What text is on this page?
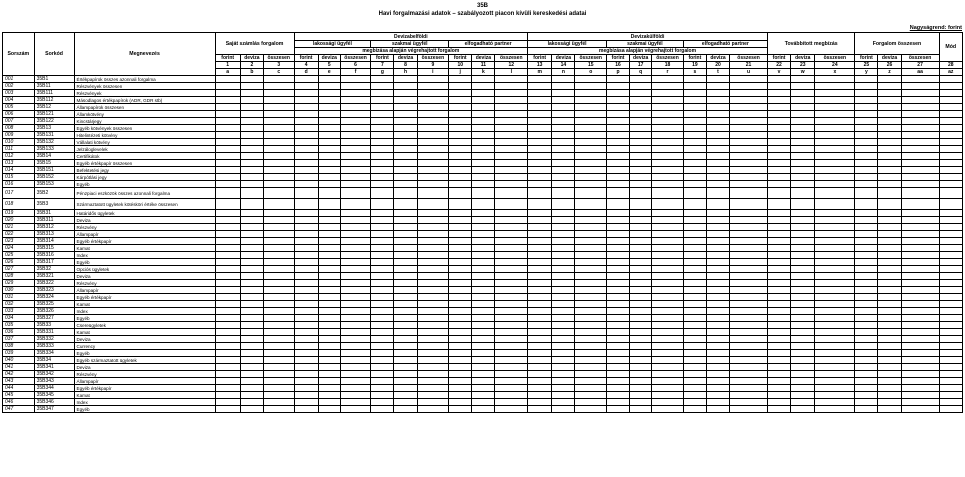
35B
Havi forgalmazási adatok – szabályozott piacon kívüli kereskedési adatai
Nagyságrend: forint
Sorszám	Sorkód	Megnevezés	Saját számlás forgalom			Devizabelföldi									Devizakülföldi									Továbbított megbízás			Forgalom összesen			Mód
						lakossági ügyfél			szakmai ügyfél			elfogadható partner			lakossági ügyfél			szakmai ügyfél			elfogadható partner									
						megbízása alapján végrehajtott forgalom									megbízása alapján végrehajtott forgalom															
			forint	deviza	összesen	forint	deviza	összesen	forint	deviza	összesen	forint	deviza	összesen	forint	deviza	összesen	forint	deviza	összesen	forint	deviza	összesen	forint	deviza	összesen	forint	deviza	összesen	
			1	2	3	4	5	6	7	8	9	10	11	12	13	14	15	16	17	18	19	20	21	22	23	24	25	26	27	28
			a	b	c	d	e	f	g	h	i	j	k	l	m	n	o	p	q	r	s	t	u	v	w	x	y	z	aa	az
001	35B1	Értékpapírok összes azonnali forgalma																												
002	35B11	Részvények összesen																												
003	35B111	Részvények																												
004	35B112	Másodlagos értékpapírok (ADR, GDR stb)																												
005	35B12	Állampapírok összesen																												
006	35B121	Államkötvény																												
007	35B122	Kincstárjegy																												
008	35B13	Egyéb kötvények összesen																												
009	35B131	Hitelintézeti kötvény																												
010	35B132	Vállalati kötvény																												
011	35B133	Jelzáloglevelek																												
012	35B14	Certifikátok																												
013	35B15	Egyéb értékpapír összesen																												
014	35B151	Befektetési jegy																												
015	35B152	Kárpótlási jegy																												
016	35B153	Egyéb																												
017	35B2	Pénzpiaci eszközök összes azonnali forgalma																												
018	35B3	Származtatott ügyletek kötésköri értéke összesen																												
019	35B31	Határidős ügyletek																												
020	35B311	Deviza																												
021	35B312	Részvény																												
022	35B313	Állampapír																												
023	35B314	Egyéb értékpapír																												
024	35B315	Kamat																												
025	35B316	Index																												
026	35B317	Egyéb																												
027	35B32	Opciós ügyletek																												
028	35B321	Deviza																												
029	35B322	Részvény																												
030	35B323	Állampapír																												
031	35B324	Egyéb értékpapír																												
032	35B325	Kamat																												
033	35B326	Index																												
034	35B327	Egyéb																												
035	35B33	Csereügyletek																												
036	35B331	Kamat																												
037	35B332	Deviza																												
038	35B333	Currency																												
039	35B334	Egyéb																												
040	35B34	Egyéb származtatott ügyletek																												
041	35B341	Deviza																												
042	35B342	Részvény																												
043	35B343	Állampapír																												
044	35B344	Egyéb értékpapír																												
045	35B345	Kamat																												
046	35B346	Index																												
047	35B347	Egyéb																												
